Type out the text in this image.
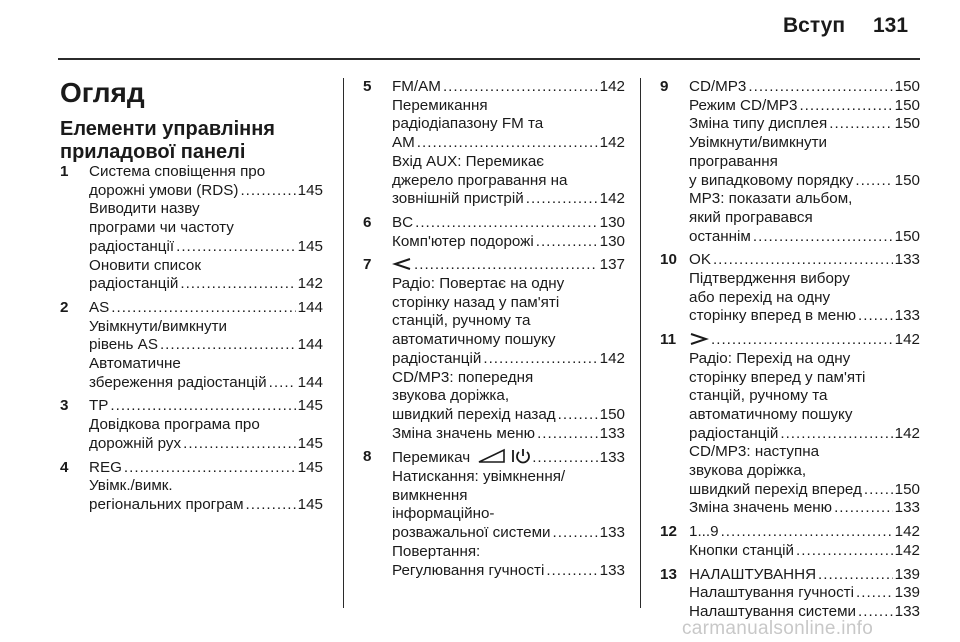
Вступ 131
Огляд
Елементи управління приладової панелі
1	Система сповіщення про
дорожні умови (RDS) .....	145
Виводити назву
програми чи частоту
радіостанції .....	145
Оновити список
радіостанцій .....	142
2	AS .....	144
Увімкнути/вимкнути
рівень AS .....	144
Автоматичне
збереження радіостанцій ..... 144
3	TP .....	145
Довідкова програма про
дорожній рух .....	145
4	REG .....	145
Увімк./вимк.
регіональних програм .....	145
5	FM/AM .....	142
Перемикання
радіодіапазону FM та
AM .....	142
Вхід AUX: Перемикає
джерело програвання на
зовнішній пристрій .....	142
6	BC .....	130
Комп'ютер подорожі .....	130
7 .....	137
Радіо: Повертає на одну
сторінку назад у пам'яті
станцій, ручному та
автоматичному пошуку
радіостанцій .....	142
CD/MP3: попередня
звукова доріжка,
швидкий перехід назад .....	150
Зміна значень меню .....	133
8	Перемикач .....	133
Натискання: увімкнення/
вимкнення
інформаційно-
розважальної системи .....	133
Повертання:
Регулювання гучності .....	133
9	CD/MP3 .....	150
Режим CD/MP3 .....	150
Зміна типу дисплея .....	150
Увімкнути/вимкнути
програвання
у випадковому порядку .....	150
MP3: показати альбом,
який програвався
останнім .....	150
10 OK .....	133
Підтвердження вибору
або перехід на одну
сторінку вперед в меню .....	133
11 .....	142
Радіо: Перехід на одну
сторінку вперед у пам'яті
станцій, ручному та
автоматичному пошуку
радіостанцій .....	142
CD/MP3: наступна
звукова доріжка,
швидкий перехід вперед ..... 150
Зміна значень меню .....	133
12 1...9 .....	142
Кнопки станцій .....	142
13 НАЛАШТУВАННЯ .....	139
Налаштування гучності .....	139
Налаштування системи .....	133
carmanualsonline.info
